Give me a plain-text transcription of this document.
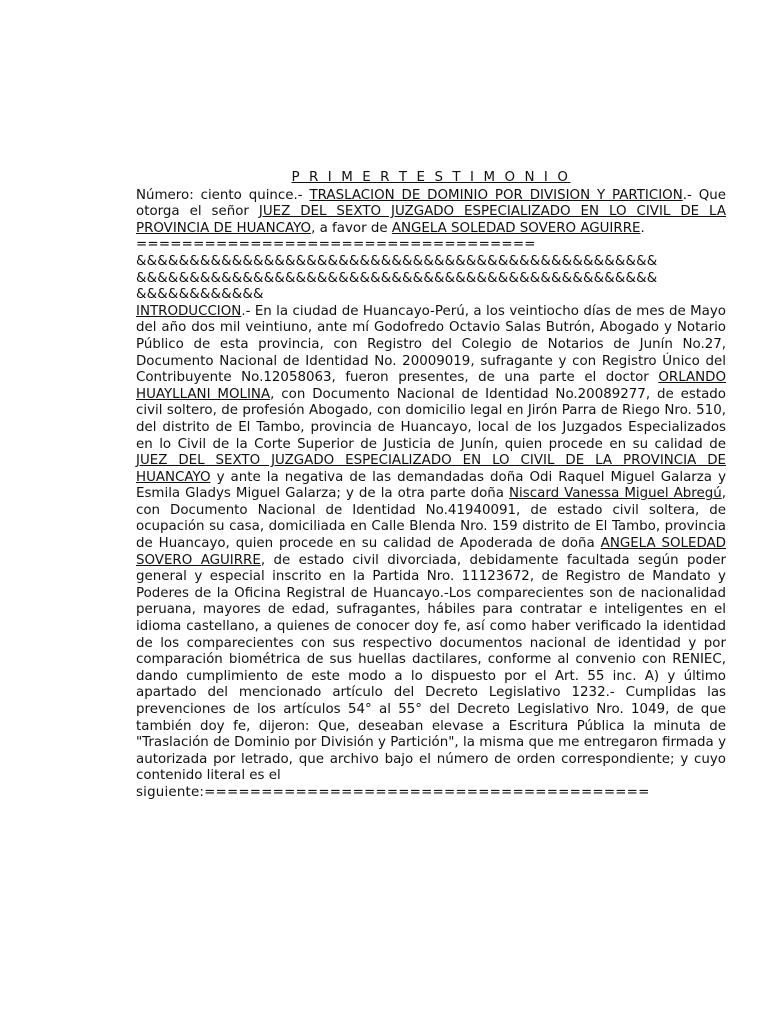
P R I M E R T E S T I M O N I O
Número: ciento quince.- TRASLACION DE DOMINIO POR DIVISION Y PARTICION.- Que otorga el señor JUEZ DEL SEXTO JUZGADO ESPECIALIZADO EN LO CIVIL DE LA PROVINCIA DE HUANCAYO, a favor de ANGELA SOLEDAD SOVERO AGUIRRE.
===================================
&&&&&&&&&&&&&&&&&&&&&&&&&&&&&&&&&&&&&&&&&&&&&&&&&
&&&&&&&&&&&&&&&&&&&&&&&&&&&&&&&&&&&&&&&&&&&&&&&&&
&&&&&&&&&&&&
INTRODUCCION.- En la ciudad de Huancayo-Perú, a los veintiocho días de mes de Mayo del año dos mil veintiuno, ante mí Godofredo Octavio Salas Butrón, Abogado y Notario Público de esta provincia, con Registro del Colegio de Notarios de Junín No.27, Documento Nacional de Identidad No. 20009019, sufragante y con Registro Único del Contribuyente No.12058063, fueron presentes, de una parte el doctor ORLANDO HUAYLLANI MOLINA, con Documento Nacional de Identidad No.20089277, de estado civil soltero, de profesión Abogado, con domicilio legal en Jirón Parra de Riego Nro. 510, del distrito de El Tambo, provincia de Huancayo, local de los Juzgados Especializados en lo Civil de la Corte Superior de Justicia de Junín, quien procede en su calidad de JUEZ DEL SEXTO JUZGADO ESPECIALIZADO EN LO CIVIL DE LA PROVINCIA DE HUANCAYO y ante la negativa de las demandadas doña Odi Raquel Miguel Galarza y Esmila Gladys Miguel Galarza; y de la otra parte doña Niscard Vanessa Miguel Abregú, con Documento Nacional de Identidad No.41940091, de estado civil soltera, de ocupación su casa, domiciliada en Calle Blenda Nro. 159 distrito de El Tambo, provincia de Huancayo, quien procede en su calidad de Apoderada de doña ANGELA SOLEDAD SOVERO AGUIRRE, de estado civil divorciada, debidamente facultada según poder general y especial inscrito en la Partida Nro. 11123672, de Registro de Mandato y Poderes de la Oficina Registral de Huancayo.-Los comparecientes son de nacionalidad peruana, mayores de edad, sufragantes, hábiles para contratar e inteligentes en el idioma castellano, a quienes de conocer doy fe, así como haber verificado la identidad de los comparecientes con sus respectivo documentos nacional de identidad y por comparación biométrica de sus huellas dactilares, conforme al convenio con RENIEC, dando cumplimiento de este modo a lo dispuesto por el Art. 55 inc. A) y último apartado del mencionado artículo del Decreto Legislativo 1232.- Cumplidas las prevenciones de los artículos 54° al 55° del Decreto Legislativo Nro. 1049, de que también doy fe, dijeron: Que, deseaban elevase a Escritura Pública la minuta de "Traslación de Dominio por División y Partición", la misma que me entregaron firmada y autorizada por letrado, que archivo bajo el número de orden correspondiente; y cuyo contenido literal es el
siguiente:=======================================
